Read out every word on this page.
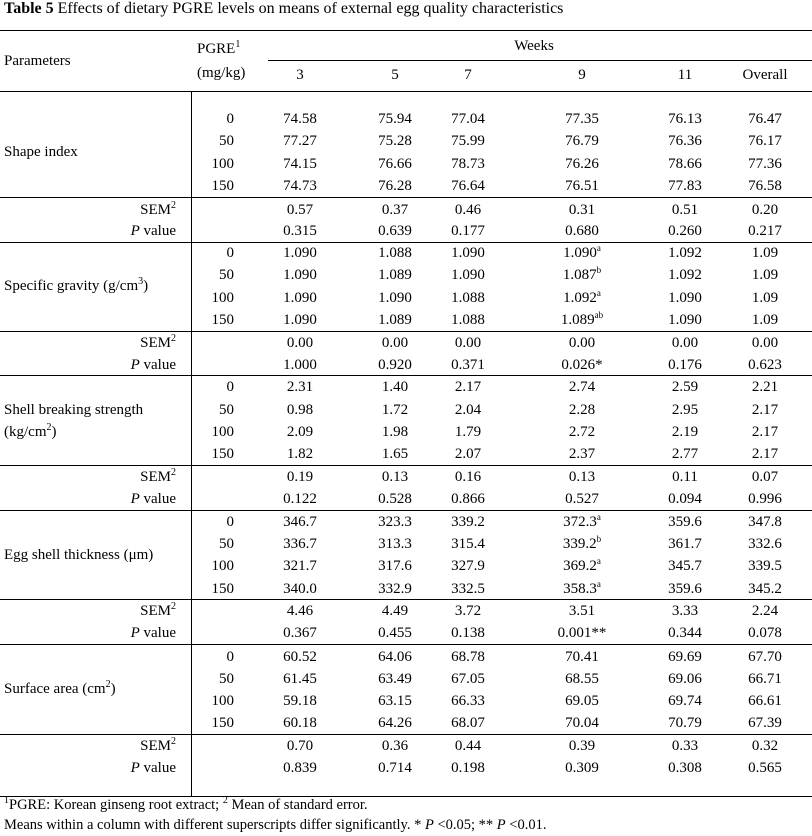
Table 5 Effects of dietary PGRE levels on means of external egg quality characteristics
Parameters
PGRE$^1$
(mg/kg)
Weeks
3	5	7	9	11	Overall
Shape index
0	74.58	75.94	77.04	77.35	76.13	76.47
50	77.27	75.28	75.99	76.79	76.36	76.17
100	74.15	76.66	78.73	76.26	78.66	77.36
150	74.73	76.28	76.64	76.51	77.83	76.58
SEM$^2$	0.57	0.37	0.46	0.31	0.51	0.20
P value	0.315	0.639	0.177	0.680	0.260	0.217
Specific gravity $(g/cm^3)$
0	1.090	1.088	1.090	1.090$^a$	1.092	1.09
50	1.090	1.089	1.090	1.087$^b$	1.092	1.09
100	1.090	1.090	1.088	1.092$^a$	1.090	1.09
150	1.090	1.089	1.088	1.089$^{ab}$	1.090	1.09
SEM$^2$	0.00	0.00	0.00	0.00	0.00	0.00
P value	1.000	0.920	0.371	0.026*	0.176	0.623
Shell breaking strength
$(kg/cm^2)$
0	2.31	1.40	2.17	2.74	2.59	2.21
50	0.98	1.72	2.04	2.28	2.95	2.17
100	2.09	1.98	1.79	2.72	2.19	2.17
150	1.82	1.65	2.07	2.37	2.77	2.17
SEM$^2$	0.19	0.13	0.16	0.13	0.11	0.07
P value	0.122	0.528	0.866	0.527	0.094	0.996
Egg shell thickness (μm)
0	346.7	323.3	339.2	372.3$^a$	359.6	347.8
50	336.7	313.3	315.4	339.2$^b$	361.7	332.6
100	321.7	317.6	327.9	369.2$^a$	345.7	339.5
150	340.0	332.9	332.5	358.3$^a$	359.6	345.2
SEM$^2$	4.46	4.49	3.72	3.51	3.33	2.24
P value	0.367	0.455	0.138	0.001**	0.344	0.078
Surface area $(cm^2)$
0	60.52	64.06	68.78	70.41	69.69	67.70
50	61.45	63.49	67.05	68.55	69.06	66.71
100	59.18	63.15	66.33	69.05	69.74	66.61
150	60.18	64.26	68.07	70.04	70.79	67.39
SEM$^2$	0.70	0.36	0.44	0.39	0.33	0.32
P value	0.839	0.714	0.198	0.309	0.308	0.565
$^1$PGRE: Korean ginseng root extract; $^2$ Mean of standard error.
Means within a column with different superscripts differ significantly. * P <0.05; ** P <0.01.
